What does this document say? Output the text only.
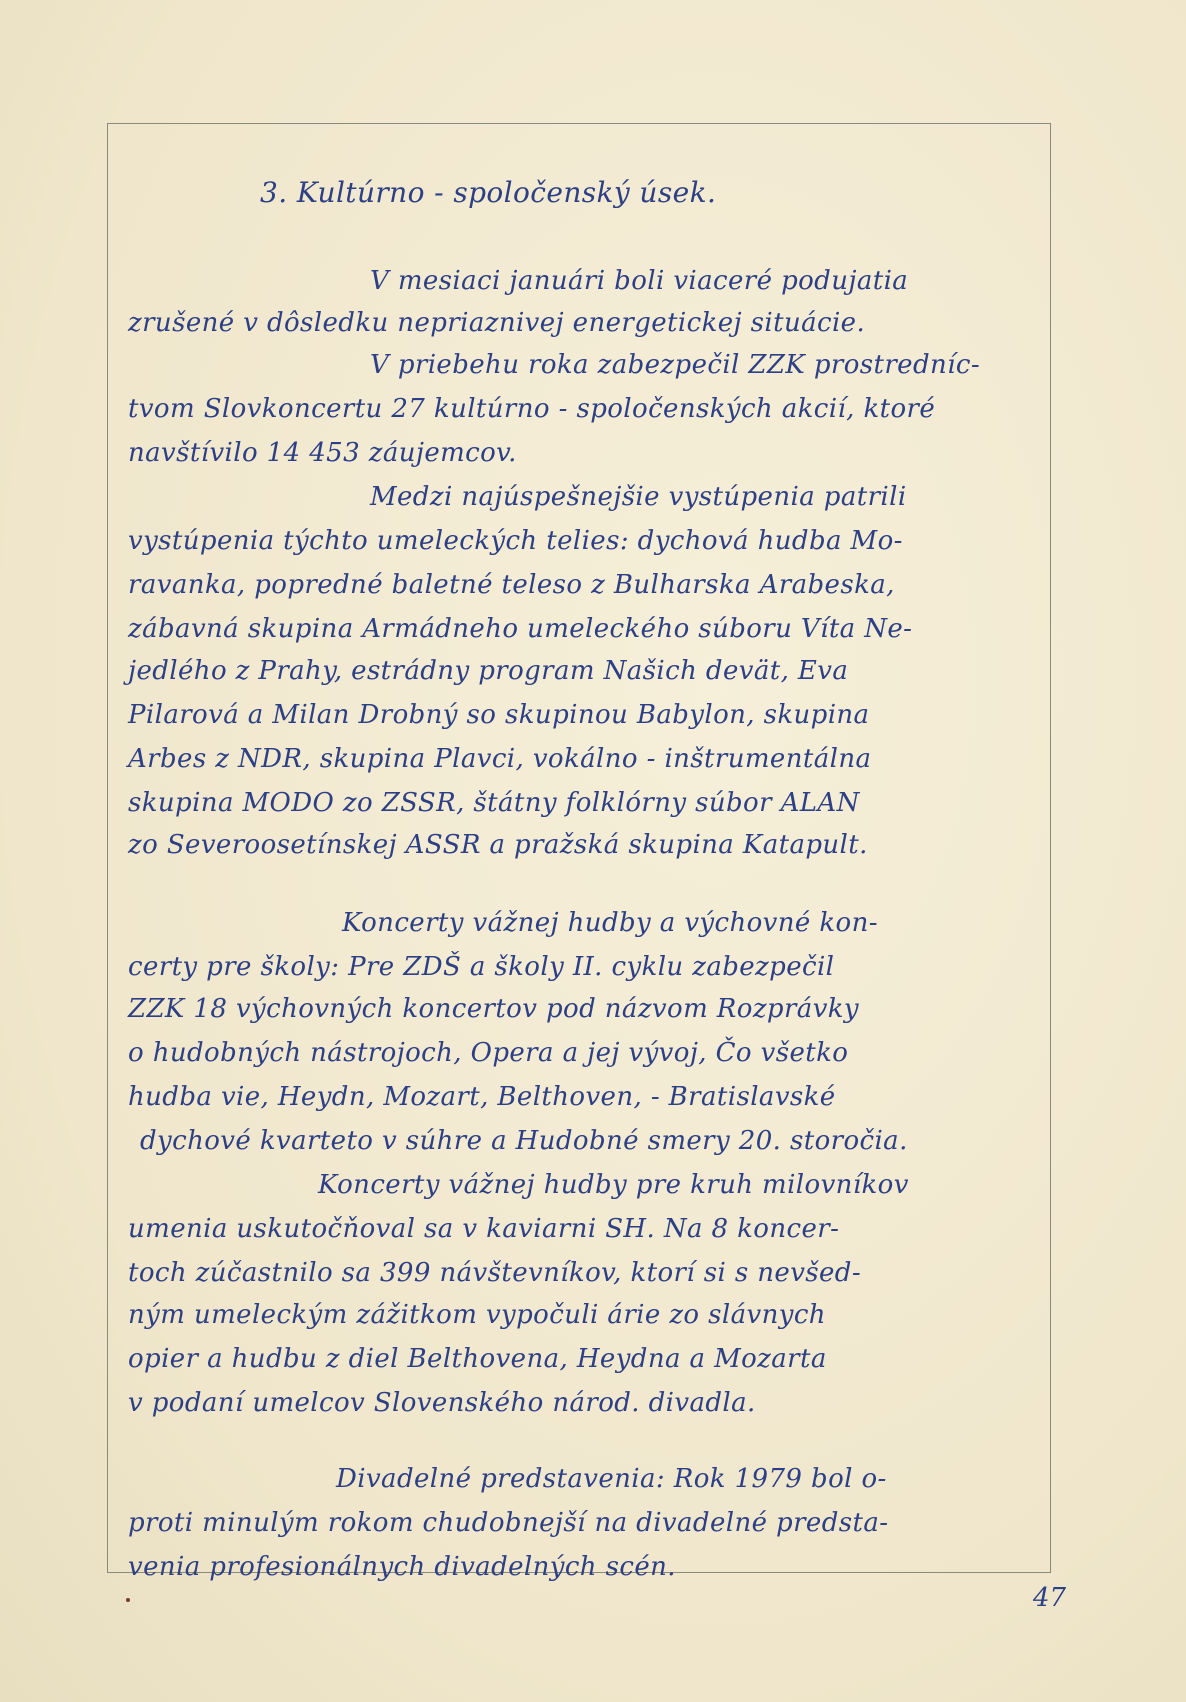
3. Kultúrno - spoločenský úsek.
V mesiaci januári boli viaceré podujatia
zrušené v dôsledku nepriaznivej energetickej situácie.
V priebehu roka zabezpečil ZZK prostredníc-
tvom Slovkoncertu 27 kultúrno - spoločenských akcií, ktoré
navštívilo 14 453 záujemcov.
Medzi najúspešnejšie vystúpenia patrili
vystúpenia týchto umeleckých telies: dychová hudba Mo-
ravanka, popredné baletné teleso z Bulharska Arabeska,
zábavná skupina Armádneho umeleckého súboru Víta Ne-
jedlého z Prahy, estrádny program Našich devät, Eva
Pilarová a Milan Drobný so skupinou Babylon, skupina
Arbes z NDR, skupina Plavci, vokálno - inštrumentálna
skupina MODO zo ZSSR, štátny folklórny súbor ALAN
zo Severoosetínskej ASSR a pražská skupina Katapult.
Koncerty vážnej hudby a výchovné kon-
certy pre školy: Pre ZDŠ a školy II. cyklu zabezpečil
ZZK 18 výchovných koncertov pod názvom Rozprávky
o hudobných nástrojoch, Opera a jej vývoj, Čo všetko
hudba vie, Heydn, Mozart, Belthoven, - Bratislavské
dychové kvarteto v súhre a Hudobné smery 20. storočia.
Koncerty vážnej hudby pre kruh milovníkov
umenia uskutočňoval sa v kaviarni SH. Na 8 koncer-
toch zúčastnilo sa 399 návštevníkov, ktorí si s nevšed-
ným umeleckým zážitkom vypočuli árie zo slávnych
opier a hudbu z diel Belthovena, Heydna a Mozarta
v podaní umelcov Slovenského národ. divadla.
Divadelné predstavenia: Rok 1979 bol o-
proti minulým rokom chudobnejší na divadelné predsta-
venia profesionálnych divadelných scén.
47
